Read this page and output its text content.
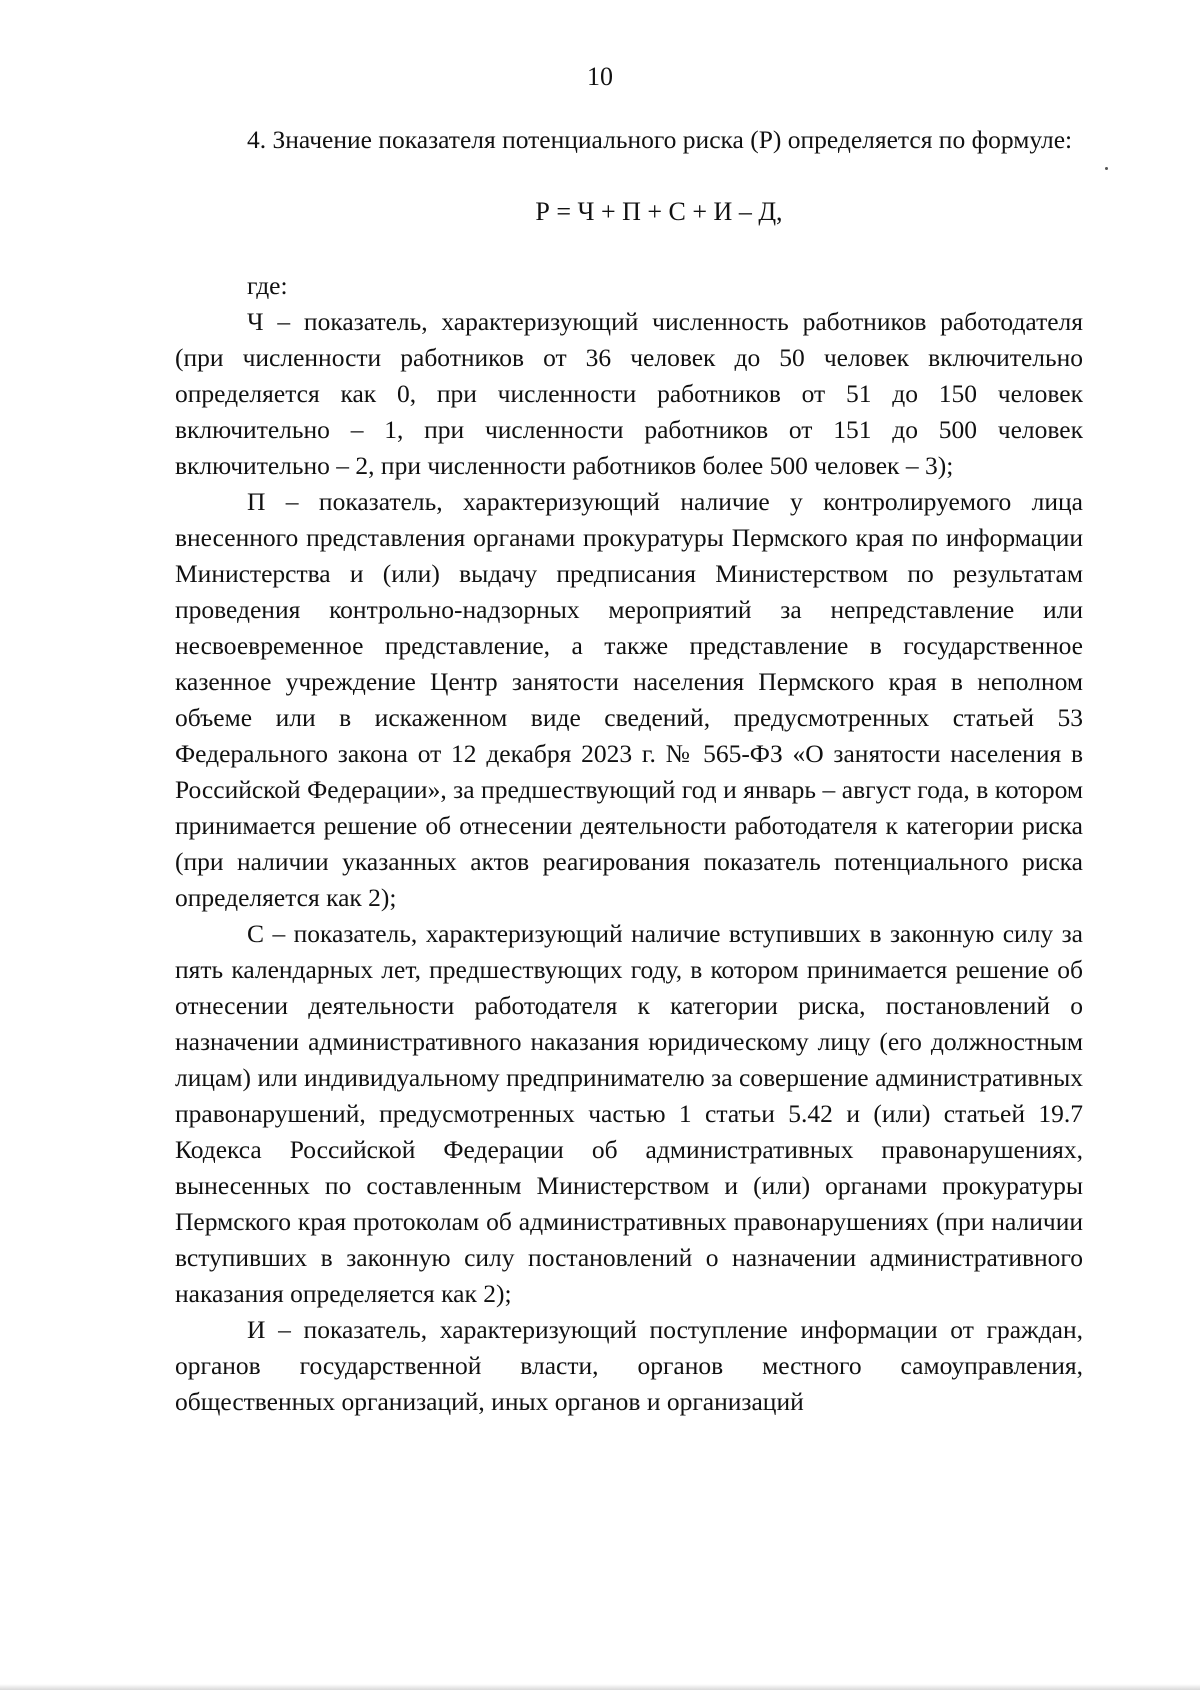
10

4. Значение показателя потенциального риска (Р) определяется по формуле:

Р = Ч + П + С + И – Д,

где:

Ч – показатель, характеризующий численность работников работодателя (при численности работников от 36 человек до 50 человек включительно определяется как 0, при численности работников от 51 до 150 человек включительно – 1, при численности работников от 151 до 500 человек включительно – 2, при численности работников более 500 человек – 3);

П – показатель, характеризующий наличие у контролируемого лица внесенного представления органами прокуратуры Пермского края по информации Министерства и (или) выдачу предписания Министерством по результатам проведения контрольно-надзорных мероприятий за непредставление или несвоевременное представление, а также представление в государственное казенное учреждение Центр занятости населения Пермского края в неполном объеме или в искаженном виде сведений, предусмотренных статьей 53 Федерального закона от 12 декабря 2023 г. № 565-ФЗ «О занятости населения в Российской Федерации», за предшествующий год и январь – август года, в котором принимается решение об отнесении деятельности работодателя к категории риска (при наличии указанных актов реагирования показатель потенциального риска определяется как 2);

С – показатель, характеризующий наличие вступивших в законную силу за пять календарных лет, предшествующих году, в котором принимается решение об отнесении деятельности работодателя к категории риска, постановлений о назначении административного наказания юридическому лицу (его должностным лицам) или индивидуальному предпринимателю за совершение административных правонарушений, предусмотренных частью 1 статьи 5.42 и (или) статьей 19.7 Кодекса Российской Федерации об административных правонарушениях, вынесенных по составленным Министерством и (или) органами прокуратуры Пермского края протоколам об административных правонарушениях (при наличии вступивших в законную силу постановлений о назначении административного наказания определяется как 2);

И – показатель, характеризующий поступление информации от граждан, органов государственной власти, органов местного самоуправления, общественных организаций, иных органов и организаций
